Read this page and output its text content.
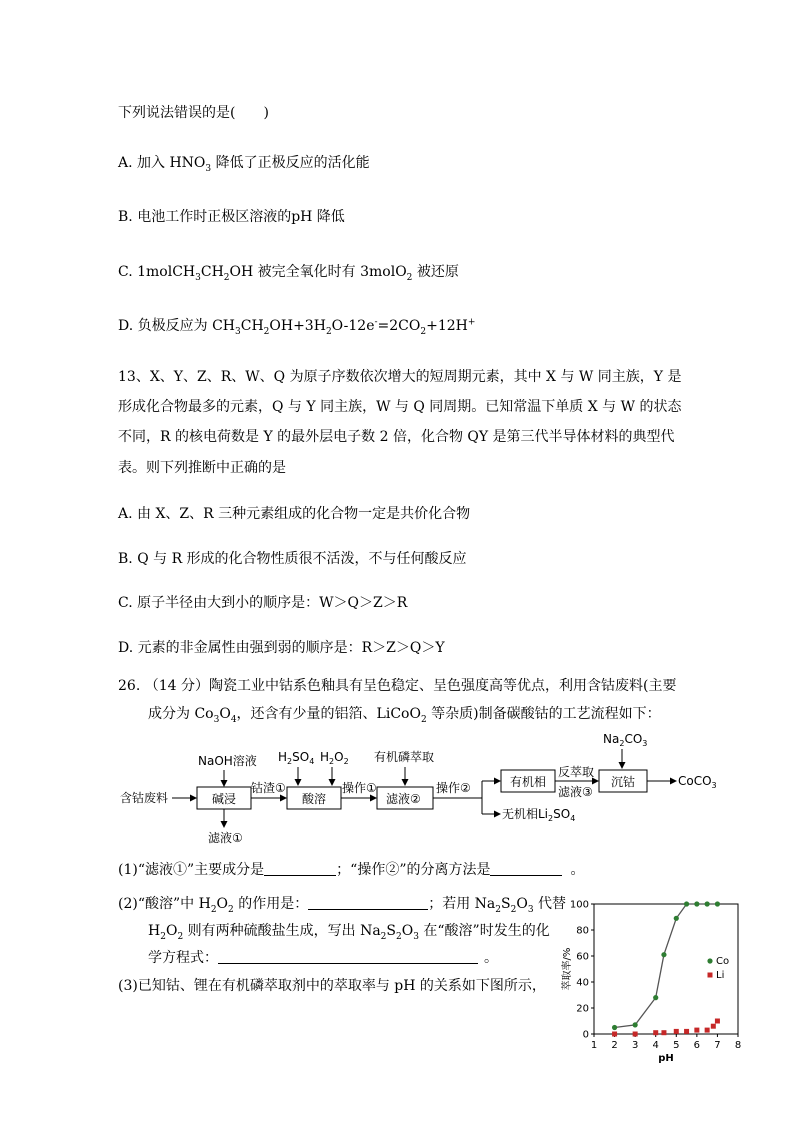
下列说法错误的是(　　)
A. 加入 $HNO_3$ 降低了正极反应的活化能
B. 电池工作时正极区溶液的pH 降低
C. $1molCH_3CH_2OH$ 被完全氧化时有 3molO$_2$ 被还原
D. 负极反应为 $CH_3CH_2OH+3H_2O-12e^-=2CO_2+12H^+$
13、X、Y、Z、R、W、Q 为原子序数依次增大的短周期元素，其中 X 与 W 同主族，Y 是
形成化合物最多的元素，Q 与 Y 同主族，W 与 Q 同周期。已知常温下单质 X 与 W 的状态
不同，R 的核电荷数是 Y 的最外层电子数 2 倍，化合物 QY 是第三代半导体材料的典型代
表。则下列推断中正确的是
A. 由 X、Z、R 三种元素组成的化合物一定是共价化合物
B. Q 与 R 形成的化合物性质很不活泼，不与任何酸反应
C. 原子半径由大到小的顺序是：W＞Q＞Z＞R
D. 元素的非金属性由强到弱的顺序是：R＞Z＞Q＞Y
26. （14 分）陶瓷工业中钴系色釉具有呈色稳定、呈色强度高等优点，利用含钴废料(主要
成分为 $Co_3O_4$，还含有少量的铝箔、LiCoO$_2$ 等杂质)制备碳酸钴的工艺流程如下：
含钴废料
NaOH溶液
碱浸
滤液①
钴渣①
$H_2SO_4$ $H_2O_2$
酸溶
操作①
有机磷萃取
滤液②
操作②	有机相
无机相$Li_2SO_4$
反萃取
滤液③
$Na_2CO_3$
沉钴	CoCO$_3$
(1)“滤液①”主要成分是	；“操作②”的分离方法是	。
(2)“酸溶”中 $H_2O_2$ 的作用是：	；若用 $Na_2S_2O_3$ 代替
$H_2O_2$ 则有两种硫酸盐生成，写出 $Na_2S_2O_3$ 在“酸溶”时发生的化
学方程式：	。
(3)已知钴、锂在有机磷萃取剂中的萃取率与 pH 的关系如下图所示，
1 2 3 4 5 6 7 8
0
20
40
60
80
100
pH
萃取率/%	Co
Li
